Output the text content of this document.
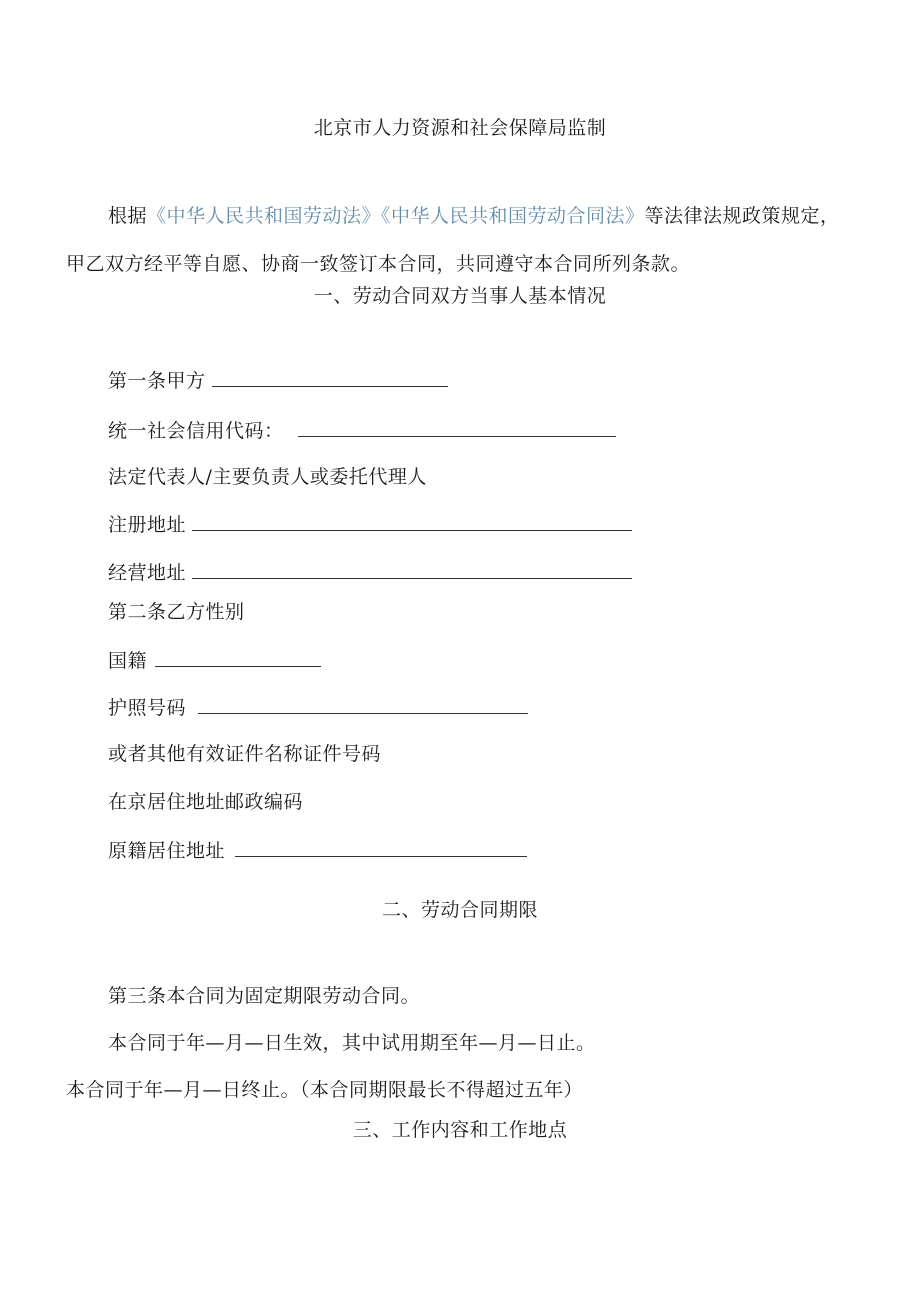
北京市人力资源和社会保障局监制
根据《中华人民共和国劳动法》《中华人民共和国劳动合同法》等法律法规政策规定，
甲乙双方经平等自愿、协商一致签订本合同，共同遵守本合同所列条款。
一、劳动合同双方当事人基本情况
第一条甲方
统一社会信用代码：
法定代表人/主要负责人或委托代理人
注册地址
经营地址
第二条乙方性别
国籍
护照号码
或者其他有效证件名称证件号码
在京居住地址邮政编码
原籍居住地址
二、劳动合同期限
第三条本合同为固定期限劳动合同。
本合同于年—月—日生效，其中试用期至年—月—日止。
本合同于年—月—日终止。（本合同期限最长不得超过五年）
三、工作内容和工作地点
